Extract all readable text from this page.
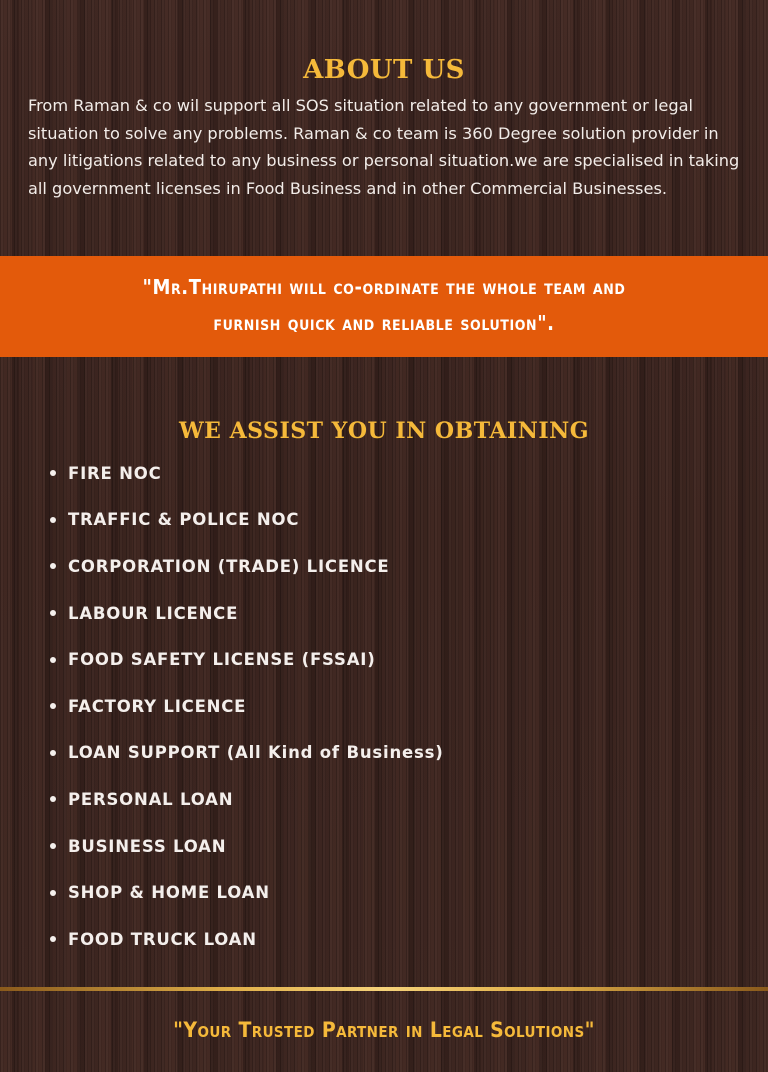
ABOUT US

From Raman & co wil support all SOS situation related to any government or legal situation to solve any problems. Raman & co team is 360 Degree solution provider in any litigations related to any business or personal situation.we are specialised in taking all government licenses in Food Business and in other Commercial Businesses.

"Mr.Thirupathi will co-ordinate the whole team and
furnish quick and reliable solution".
WE ASSIST YOU IN OBTAINING
FIRE NOC
TRAFFIC & POLICE NOC
CORPORATION (TRADE) LICENCE
LABOUR LICENCE
FOOD SAFETY LICENSE (FSSAI)
FACTORY LICENCE
LOAN SUPPORT (All Kind of Business)
PERSONAL LOAN
BUSINESS LOAN
SHOP & HOME LOAN
FOOD TRUCK LOAN
"Your Trusted Partner in Legal Solutions"
